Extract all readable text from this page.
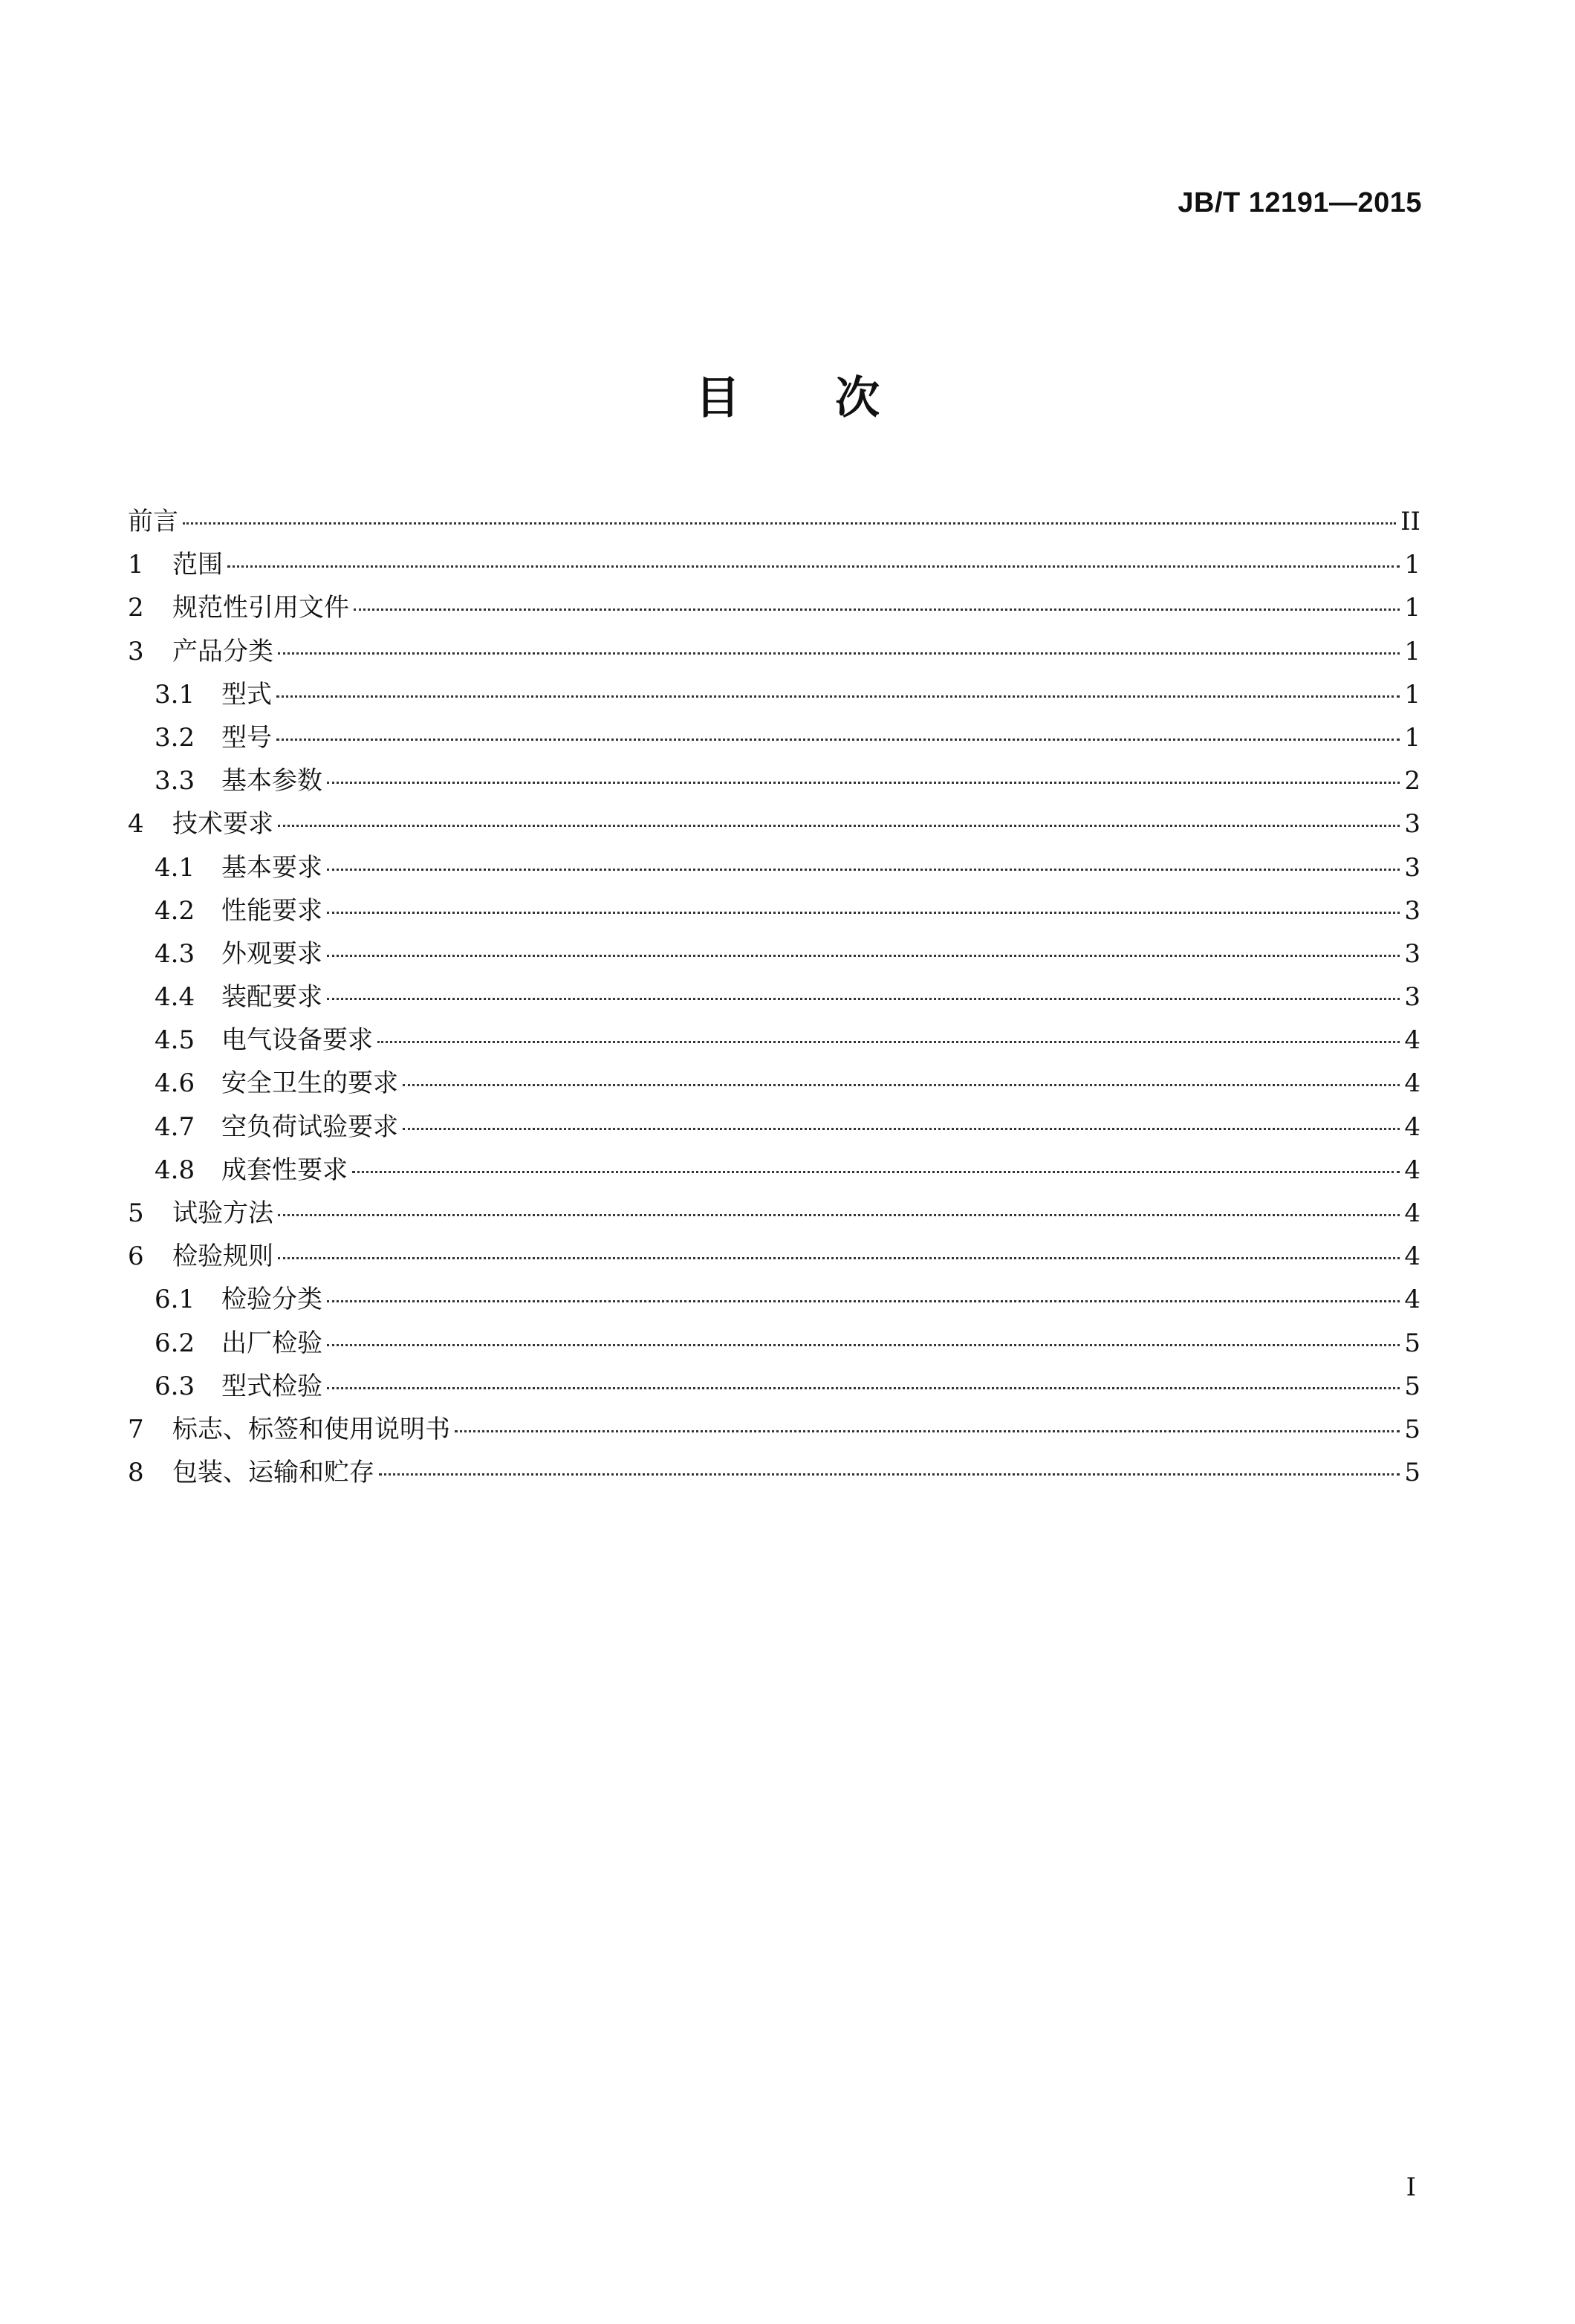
JB/T 12191—2015
目 次
前言	II
1	范围	1
2	规范性引用文件	1
3	产品分类	1
3.1	型式	1
3.2	型号	1
3.3	基本参数	2
4	技术要求	3
4.1	基本要求	3
4.2	性能要求	3
4.3	外观要求	3
4.4	装配要求	3
4.5	电气设备要求	4
4.6	安全卫生的要求	4
4.7	空负荷试验要求	4
4.8	成套性要求	4
5	试验方法	4
6	检验规则	4
6.1	检验分类	4
6.2	出厂检验	5
6.3	型式检验	5
7	标志、标签和使用说明书	5
8	包装、运输和贮存	5
I
